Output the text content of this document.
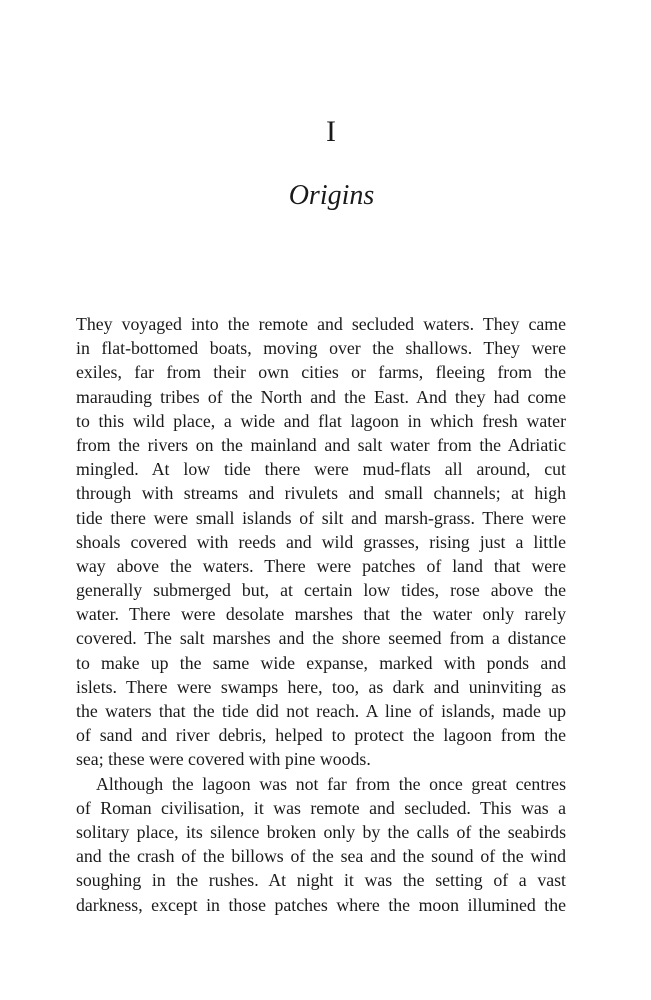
I
Origins
They voyaged into the remote and secluded waters. They came
in flat-bottomed boats, moving over the shallows. They were
exiles, far from their own cities or farms, fleeing from the
marauding tribes of the North and the East. And they had come
to this wild place, a wide and flat lagoon in which fresh water
from the rivers on the mainland and salt water from the Adriatic
mingled. At low tide there were mud-flats all around, cut
through with streams and rivulets and small channels; at high
tide there were small islands of silt and marsh-grass. There were
shoals covered with reeds and wild grasses, rising just a little
way above the waters. There were patches of land that were
generally submerged but, at certain low tides, rose above the
water. There were desolate marshes that the water only rarely
covered. The salt marshes and the shore seemed from a distance
to make up the same wide expanse, marked with ponds and
islets. There were swamps here, too, as dark and uninviting as
the waters that the tide did not reach. A line of islands, made up
of sand and river debris, helped to protect the lagoon from the
sea; these were covered with pine woods.
Although the lagoon was not far from the once great centres
of Roman civilisation, it was remote and secluded. This was a
solitary place, its silence broken only by the calls of the seabirds
and the crash of the billows of the sea and the sound of the wind
soughing in the rushes. At night it was the setting of a vast
darkness, except in those patches where the moon illumined the
